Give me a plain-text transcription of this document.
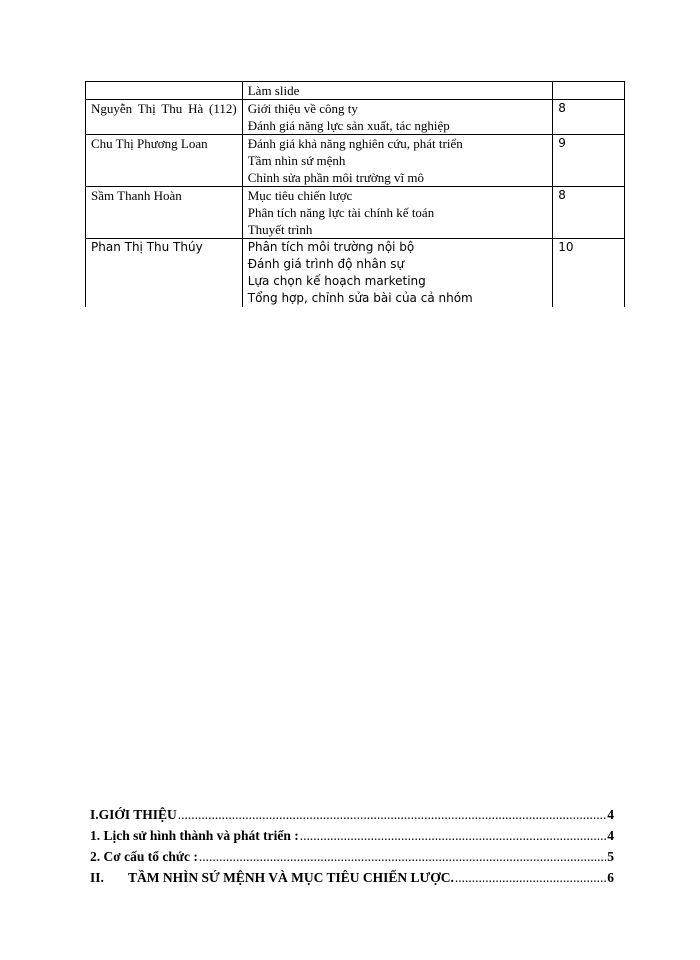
	Làm slide	

Nguyễn Thị Thu Hà (112)	Giới thiệu về công ty
Đánh giá năng lực sản xuất, tác nghiệp	8
Chu Thị Phương Loan	Đánh giá khả năng nghiên cứu, phát triển
Tầm nhìn sứ mệnh
Chỉnh sửa phần môi trường vĩ mô	9
Sầm Thanh Hoàn	Mục tiêu chiến lược
Phân tích năng lực tài chính kế toán
Thuyết trình	8
Phan Thị Thu Thúy	Phân tích môi trường nội bộ
Đánh giá trình độ nhân sự
Lựa chọn kế hoạch marketing
Tổng hợp, chỉnh sửa bài của cả nhóm	10
I.GIỚI THIỆU .....	4
1. Lịch sử hình thành và phát triển : .....	4
2. Cơ cấu tổ chức : .....	5
II.	TẦM NHÌN SỨ MỆNH VÀ MỤC TIÊU CHIẾN LƯỢC. .....	6
